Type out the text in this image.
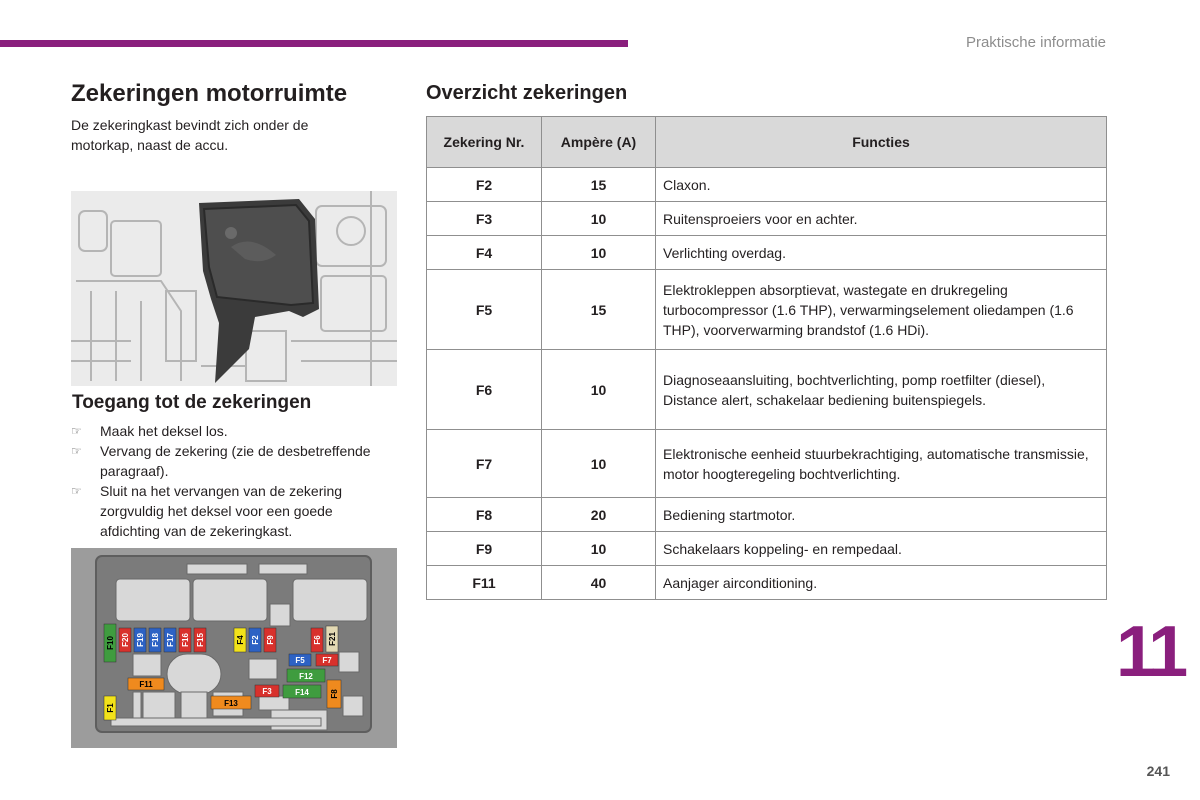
Praktische informatie
Zekeringen motorruimte
De zekeringkast bevindt zich onder de motorkap, naast de accu.
Toegang tot de zekeringen
☞ Maak het deksel los.
☞ Vervang de zekering (zie de desbetreffende paragraaf).
☞ Sluit na het vervangen van de zekering zorgvuldig het deksel voor een goede afdichting van de zekeringkast.
F10 F20 F19 F18 F17 F16 F15	F4 F2 F9	F6 F21
F5 F7
F11
F12
F3	F14	F8
F1	F13
Overzicht zekeringen
Zekering Nr.	Ampère (A)	Functies
F2	15	Claxon.
F3	10	Ruitensproeiers voor en achter.
F4	10	Verlichting overdag.
F5	15	Elektrokleppen absorptievat, wastegate en drukregeling turbocompressor (1.6 THP), verwarmingselement oliedampen (1.6 THP), voorverwarming brandstof (1.6 HDi).
F6	10	Diagnoseaansluiting, bochtverlichting, pomp roetfilter (diesel), Distance alert, schakelaar bediening buitenspiegels.
F7	10	Elektronische eenheid stuurbekrachtiging, automatische transmissie, motor hoogteregeling bochtverlichting.
F8	20	Bediening startmotor.
F9	10	Schakelaars koppeling- en rempedaal.
F11	40	Aanjager airconditioning.
11
241
